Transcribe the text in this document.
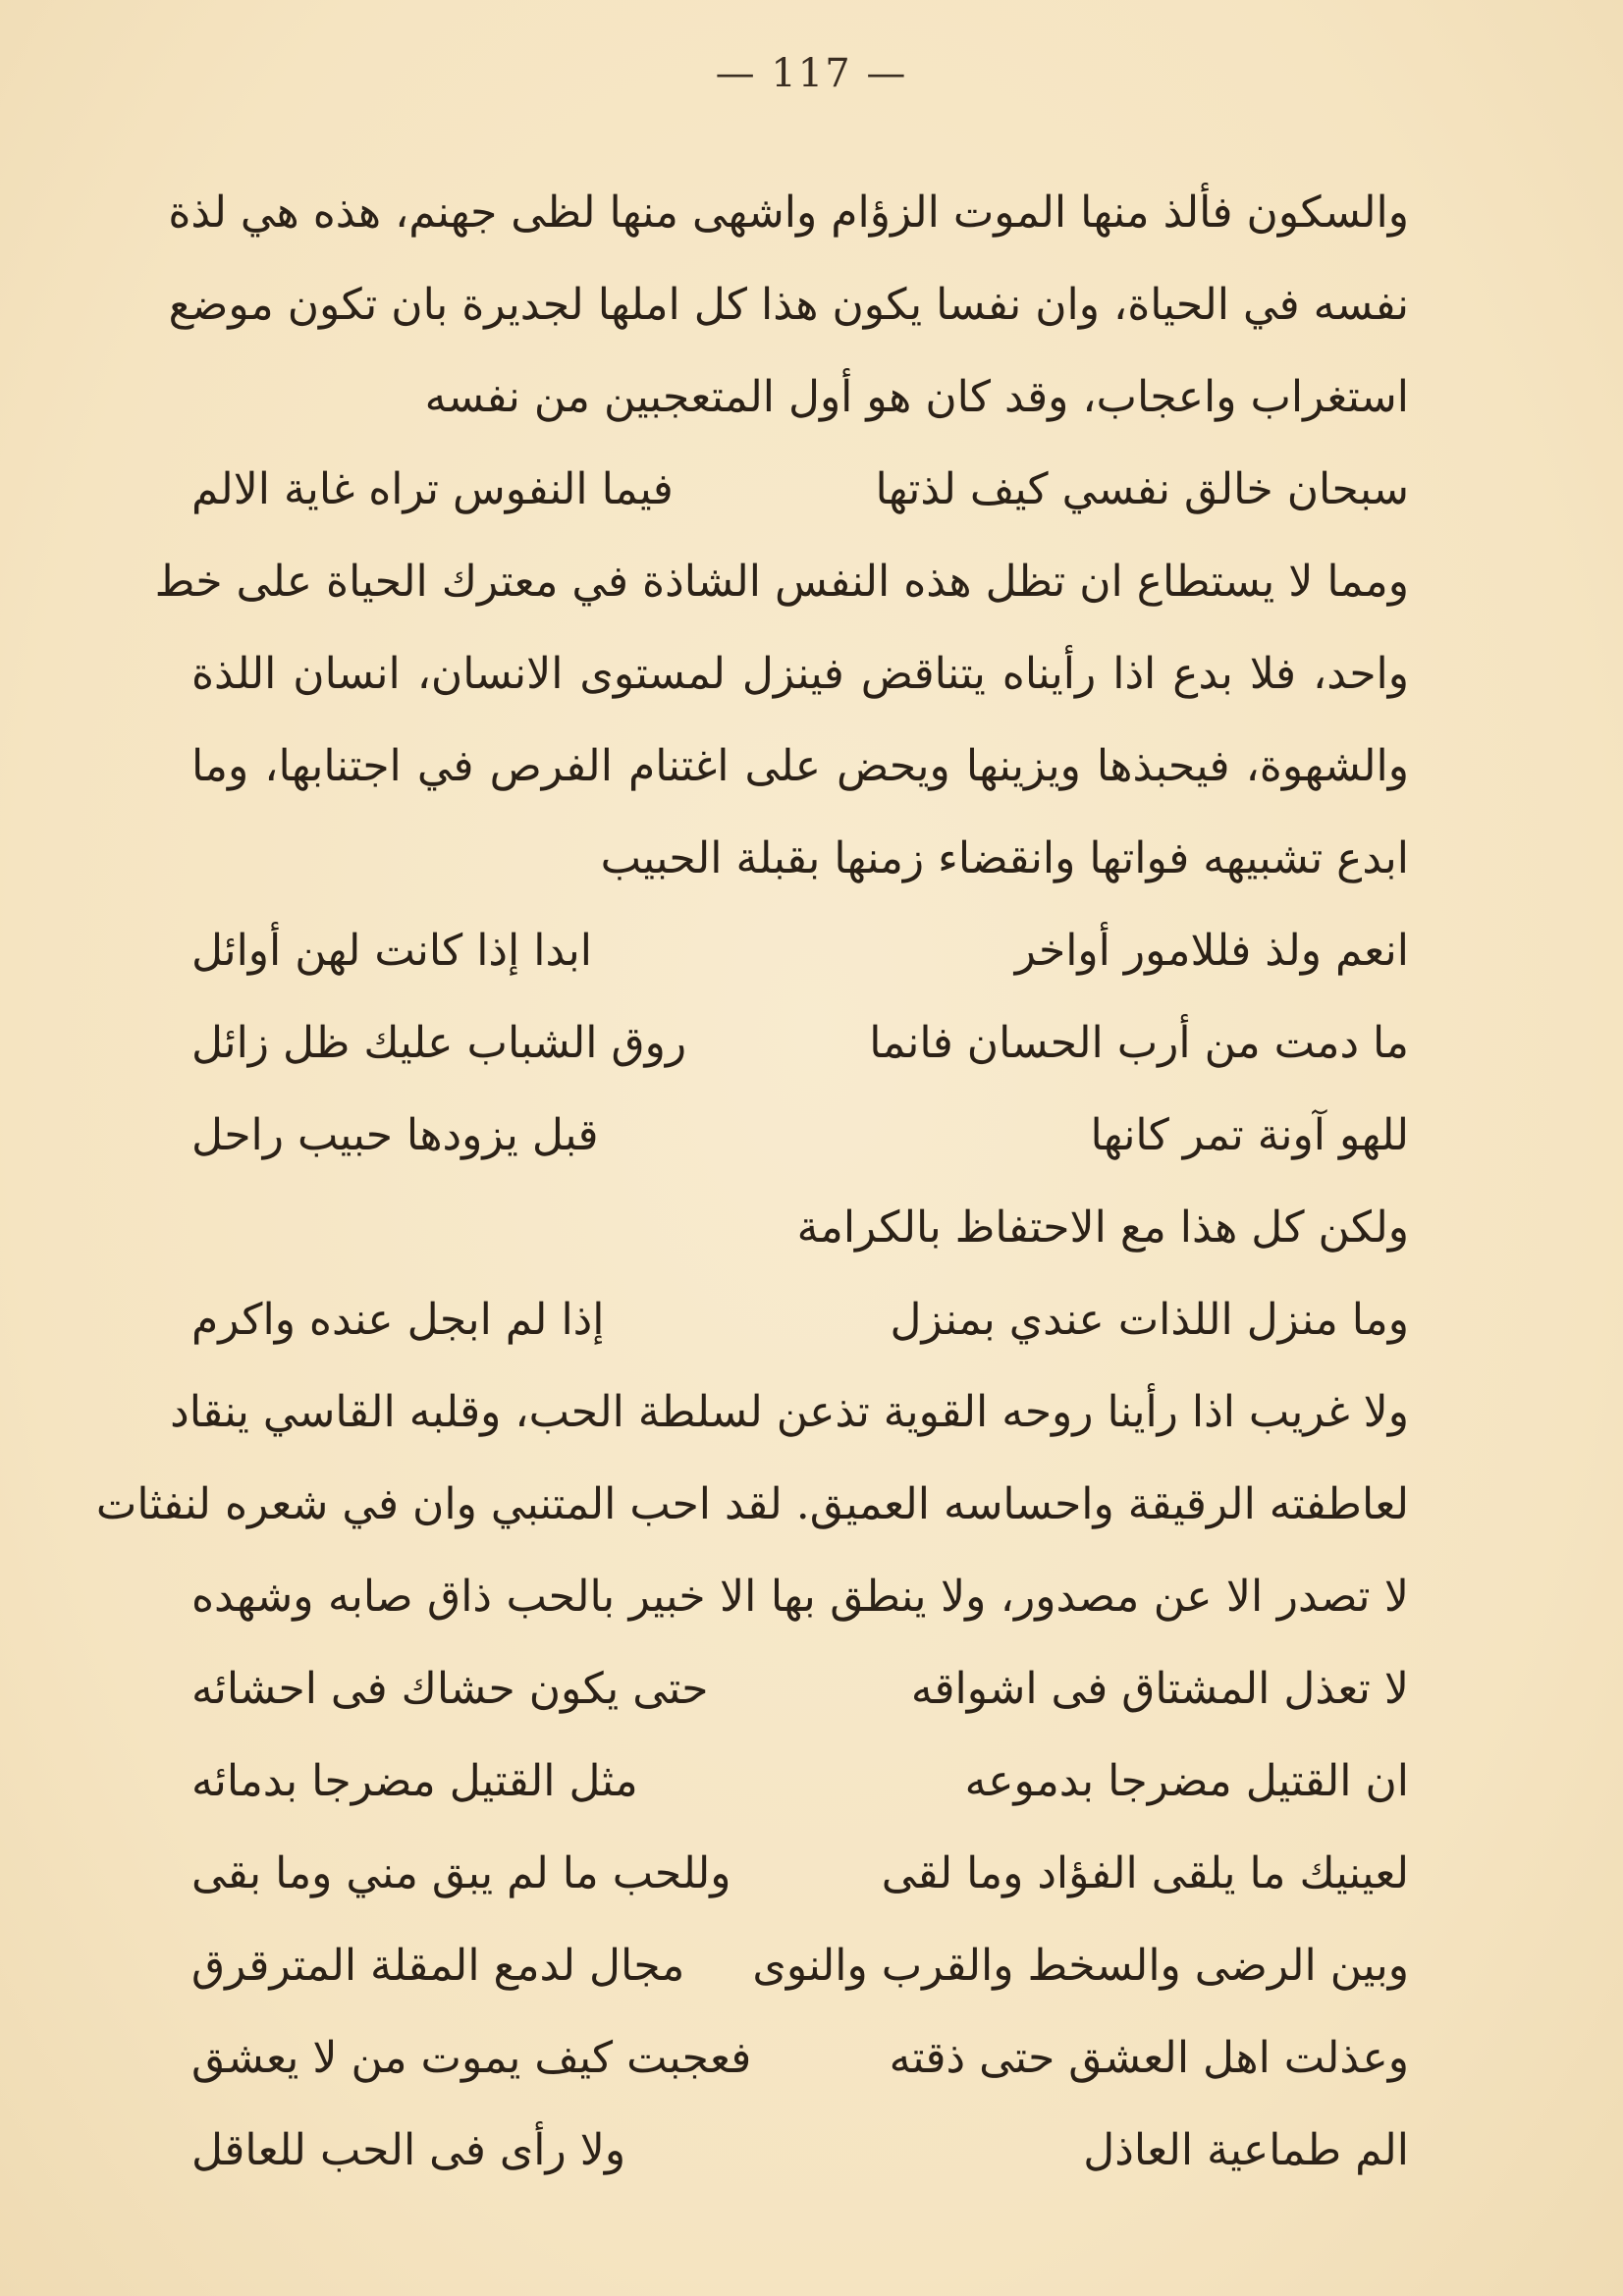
— 117 —
والسكون فألذ منها الموت الزؤام واشهى منها لظى جهنم، هذه هي لذة
نفسه في الحياة، وان نفسا يكون هذا كل املها لجديرة بان تكون موضع
استغراب واعجاب، وقد كان هو أول المتعجبين من نفسه
سبحان خالق نفسي كيف لذتها
فيما النفوس تراه غاية الالم
ومما لا يستطاع ان تظل هذه النفس الشاذة في معترك الحياة على خط
واحد، فلا بدع اذا رأيناه يتناقض فينزل لمستوى الانسان، انسان اللذة
والشهوة، فيحبذها ويزينها ويحض على اغتنام الفرص في اجتنابها، وما
ابدع تشبيهه فواتها وانقضاء زمنها بقبلة الحبيب
انعم ولذ فللامور أواخر
ابدا إذا كانت لهن أوائل
ما دمت من أرب الحسان فانما
روق الشباب عليك ظل زائل
للهو آونة تمر كانها
قبل يزودها حبيب راحل
ولكن كل هذا مع الاحتفاظ بالكرامة
وما منزل اللذات عندي بمنزل
إذا لم ابجل عنده واكرم
ولا غريب اذا رأينا روحه القوية تذعن لسلطة الحب، وقلبه القاسي ينقاد
لعاطفته الرقيقة واحساسه العميق. لقد احب المتنبي وان في شعره لنفثات
لا تصدر الا عن مصدور، ولا ينطق بها الا خبير بالحب ذاق صابه وشهده
لا تعذل المشتاق فى اشواقه
حتى يكون حشاك فى احشائه
ان القتيل مضرجا بدموعه
مثل القتيل مضرجا بدمائه
لعينيك ما يلقى الفؤاد وما لقى
وللحب ما لم يبق مني وما بقى
وبين الرضى والسخط والقرب والنوى
مجال لدمع المقلة المترقرق
وعذلت اهل العشق حتى ذقته
فعجبت كيف يموت من لا يعشق
الم طماعية العاذل
ولا رأى فى الحب للعاقل
